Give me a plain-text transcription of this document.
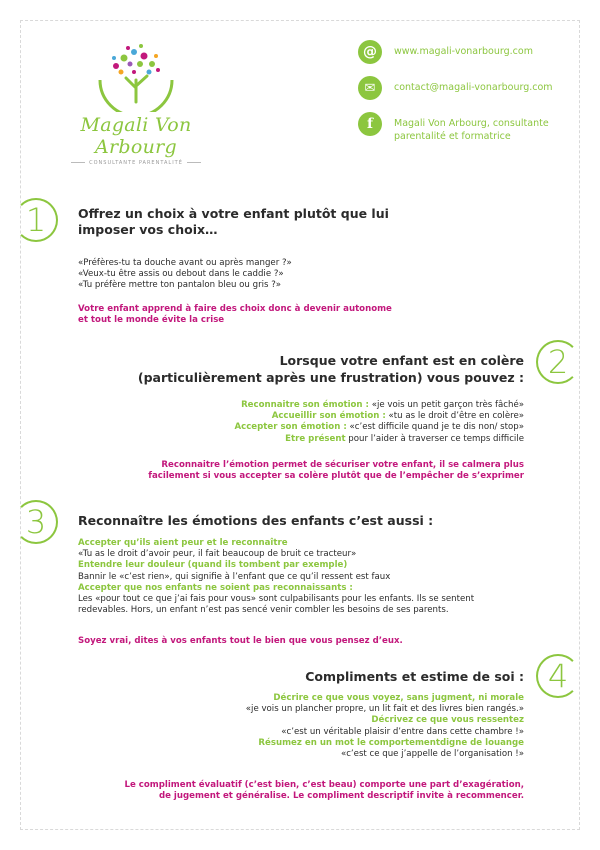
Magali Von Arbourg
CONSULTANTE PARENTALITÉ
@	www.magali-vonarbourg.com
✉	contact@magali-vonarbourg.com
f	Magali Von Arbourg, consultante parentalité et formatrice
1	Offrez un choix à votre enfant plutôt que lui
imposer vos choix…
«Préfères-tu ta douche avant ou après manger ?»
«Veux-tu être assis ou debout dans le caddie ?»
«Tu préfère mettre ton pantalon bleu ou gris ?»
Votre enfant apprend à faire des choix donc à devenir autonome
et tout le monde évite la crise
2
Lorsque votre enfant est en colère
(particulièrement après une frustration) vous pouvez :
Reconnaitre son émotion : «je vois un petit garçon très fâché»
Accueillir son émotion : «tu as le droit d’être en colère»
Accepter son émotion : «c’est difficile quand je te dis non/ stop»
Etre présent pour l’aider à traverser ce temps difficile
Reconnaitre l’émotion permet de sécuriser votre enfant, il se calmera plus
facilement si vous accepter sa colère plutôt que de l’empêcher de s’exprimer
3	Reconnaître les émotions des enfants c’est aussi :
Accepter qu’ils aient peur et le reconnaître
«Tu as le droit d’avoir peur, il fait beaucoup de bruit ce tracteur»
Entendre leur douleur (quand ils tombent par exemple)
Bannir le «c’est rien», qui signifie à l’enfant que ce qu’il ressent est faux
Accepter que nos enfants ne soient pas reconnaissants :
Les «pour tout ce que j’ai fais pour vous» sont culpabilisants pour les enfants. Ils se sentent
redevables. Hors, un enfant n’est pas sencé venir combler les besoins de ses parents.
Soyez vrai, dites à vos enfants tout le bien que vous pensez d’eux.
4
Compliments et estime de soi :
Décrire ce que vous voyez, sans jugment, ni morale
«je vois un plancher propre, un lit fait et des livres bien rangés.»
Décrivez ce que vous ressentez
«c’est un véritable plaisir d’entre dans cette chambre !»
Résumez en un mot le comportementdigne de louange
«c’est ce que j’appelle de l’organisation !»
Le compliment évaluatif (c’est bien, c’est beau) comporte une part d’exagération,
de jugement et généralise. Le compliment descriptif invite à recommencer.
